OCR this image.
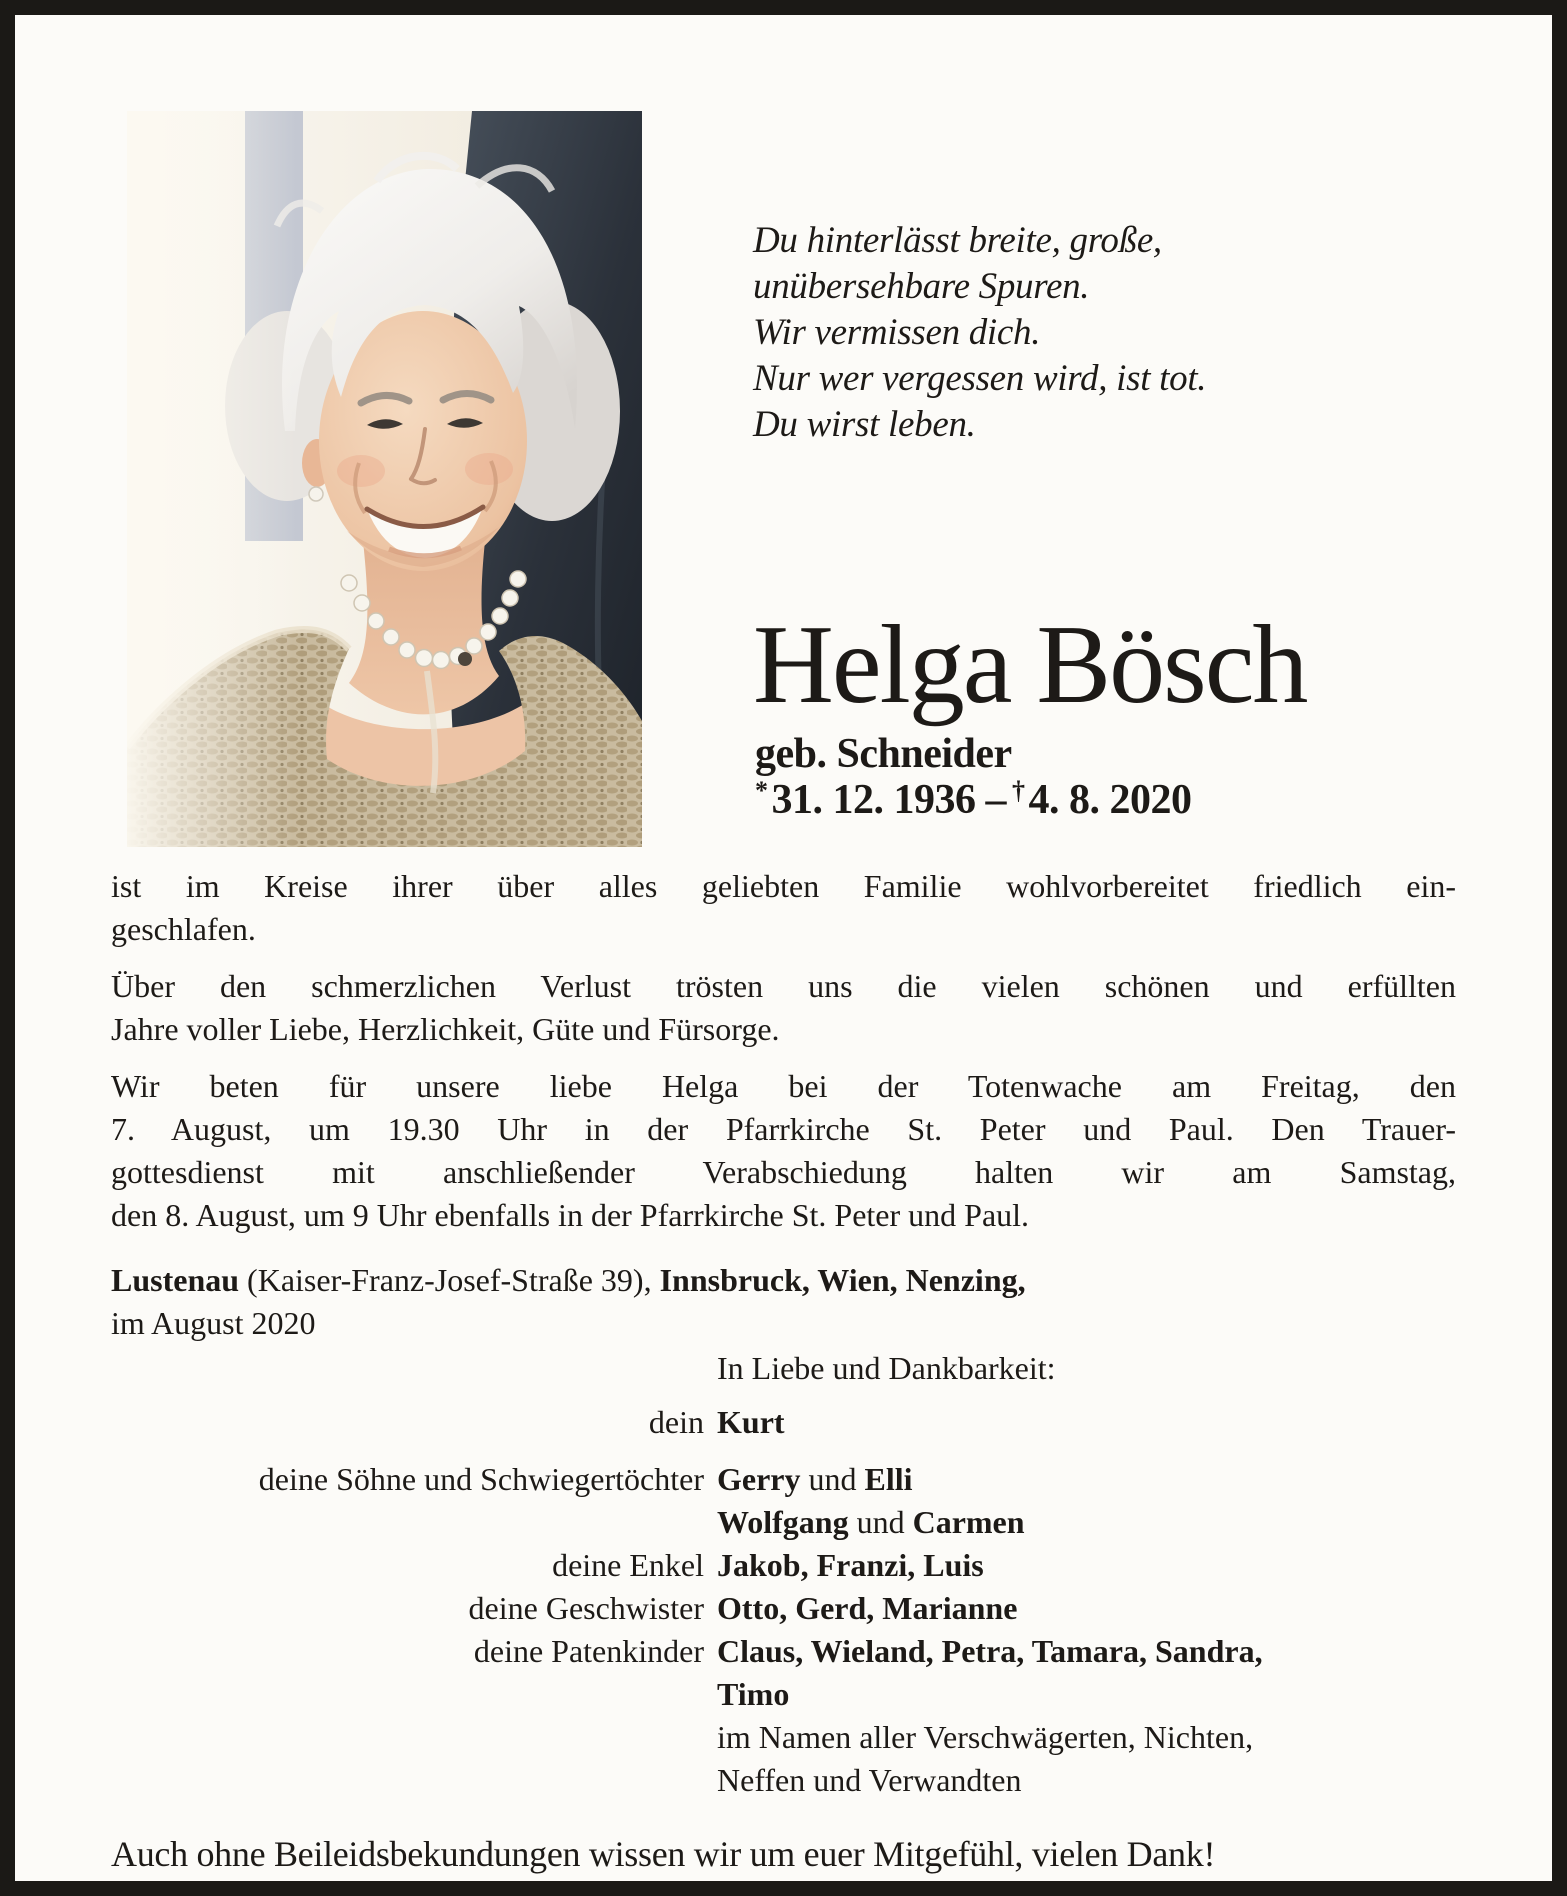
Du hinterlässt breite, große,
unübersehbare Spuren.
Wir vermissen dich.
Nur wer vergessen wird, ist tot.
Du wirst leben.
Helga Bösch
geb. Schneider
*31. 12. 1936 – †4. 8. 2020

ist im Kreise ihrer über alles geliebten Familie wohlvorbereitet friedlich ein-
geschlafen.

Über den schmerzlichen Verlust trösten uns die vielen schönen und erfüllten
Jahre voller Liebe, Herzlichkeit, Güte und Fürsorge.

Wir beten für unsere liebe Helga bei der Totenwache am Freitag, den
7. August, um 19.30 Uhr in der Pfarrkirche St. Peter und Paul. Den Trauer-
gottesdienst mit anschließender Verabschiedung halten wir am Samstag,
den 8. August, um 9 Uhr ebenfalls in der Pfarrkirche St. Peter und Paul.

Lustenau (Kaiser-Franz-Josef-Straße 39), Innsbruck, Wien, Nenzing,
im August 2020

In Liebe und Dankbarkeit:
dein Kurt
deine Söhne und Schwiegertöchter Gerry und Elli
Wolfgang und Carmen
deine Enkel Jakob, Franzi, Luis
deine Geschwister Otto, Gerd, Marianne
deine Patenkinder Claus, Wieland, Petra, Tamara, Sandra,
Timo
im Namen aller Verschwägerten, Nichten,
Neffen und Verwandten

Auch ohne Beileidsbekundungen wissen wir um euer Mitgefühl, vielen Dank!
